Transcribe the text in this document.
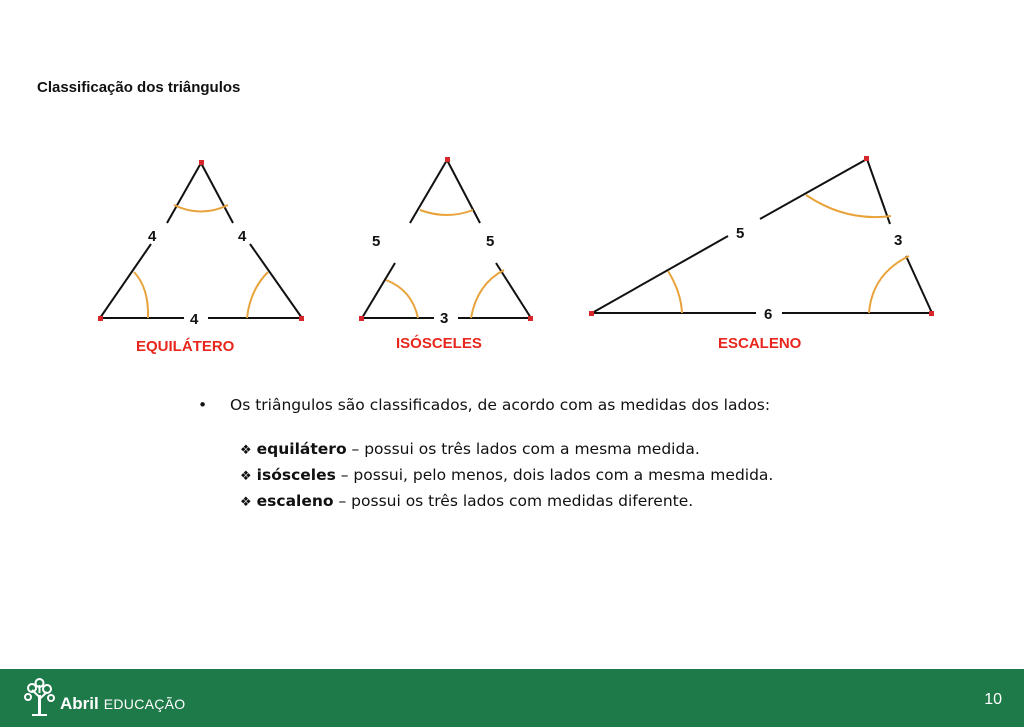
Classificação dos triângulos
4	4
4
EQUILÁTERO
5	5
3
ISÓSCELES
5	3
6
ESCALENO
• Os triângulos são classificados, de acordo com as medidas dos lados:
❖ equilátero – possui os três lados com a mesma medida.
❖ isósceles – possui, pelo menos, dois lados com a mesma medida.
❖ escaleno – possui os três lados com medidas diferente.
Abril EDUCAÇÃO	10
